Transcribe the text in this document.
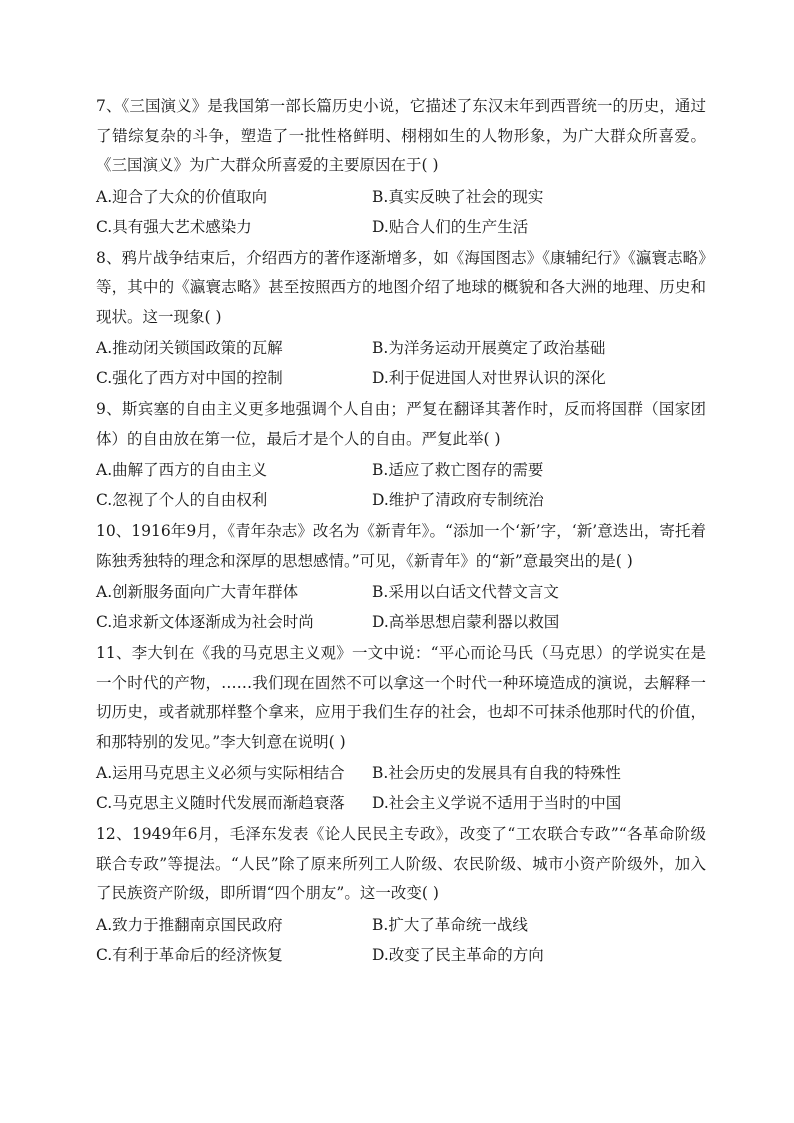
7、《三国演义》是我国第一部长篇历史小说，它描述了东汉末年到西晋统一的历史，通过了错综复杂的斗争，塑造了一批性格鲜明、栩栩如生的人物形象，为广大群众所喜爱。《三国演义》为广大群众所喜爱的主要原因在于( )

A.迎合了大众的价值取向	B.真实反映了社会的现实
C.具有强大艺术感染力	D.贴合人们的生产生活

8、鸦片战争结束后，介绍西方的著作逐渐增多，如《海国图志》《康辅纪行》《瀛寰志略》等，其中的《瀛寰志略》甚至按照西方的地图介绍了地球的概貌和各大洲的地理、历史和现状。这一现象( )

A.推动闭关锁国政策的瓦解	B.为洋务运动开展奠定了政治基础
C.强化了西方对中国的控制	D.利于促进国人对世界认识的深化

9、斯宾塞的自由主义更多地强调个人自由；严复在翻译其著作时，反而将国群（国家团体）的自由放在第一位，最后才是个人的自由。严复此举( )

A.曲解了西方的自由主义	B.适应了救亡图存的需要
C.忽视了个人的自由权利	D.维护了清政府专制统治

10、1916年9月，《青年杂志》改名为《新青年》。“添加一个‘新’字，‘新’意迭出，寄托着陈独秀独特的理念和深厚的思想感情。”可见，《新青年》的“新”意最突出的是( )

A.创新服务面向广大青年群体	B.采用以白话文代替文言文
C.追求新文体逐渐成为社会时尚	D.高举思想启蒙利器以救国

11、李大钊在《我的马克思主义观》一文中说：“平心而论马氏（马克思）的学说实在是一个时代的产物，……我们现在固然不可以拿这一个时代一种环境造成的演说，去解释一切历史，或者就那样整个拿来，应用于我们生存的社会，也却不可抹杀他那时代的价值，和那特别的发见。”李大钊意在说明( )

A.运用马克思主义必须与实际相结合	B.社会历史的发展具有自我的特殊性
C.马克思主义随时代发展而渐趋衰落	D.社会主义学说不适用于当时的中国

12、1949年6月，毛泽东发表《论人民民主专政》，改变了“工农联合专政”“各革命阶级联合专政”等提法。“人民”除了原来所列工人阶级、农民阶级、城市小资产阶级外，加入了民族资产阶级，即所谓“四个朋友”。这一改变( )

A.致力于推翻南京国民政府	B.扩大了革命统一战线
C.有利于革命后的经济恢复	D.改变了民主革命的方向
